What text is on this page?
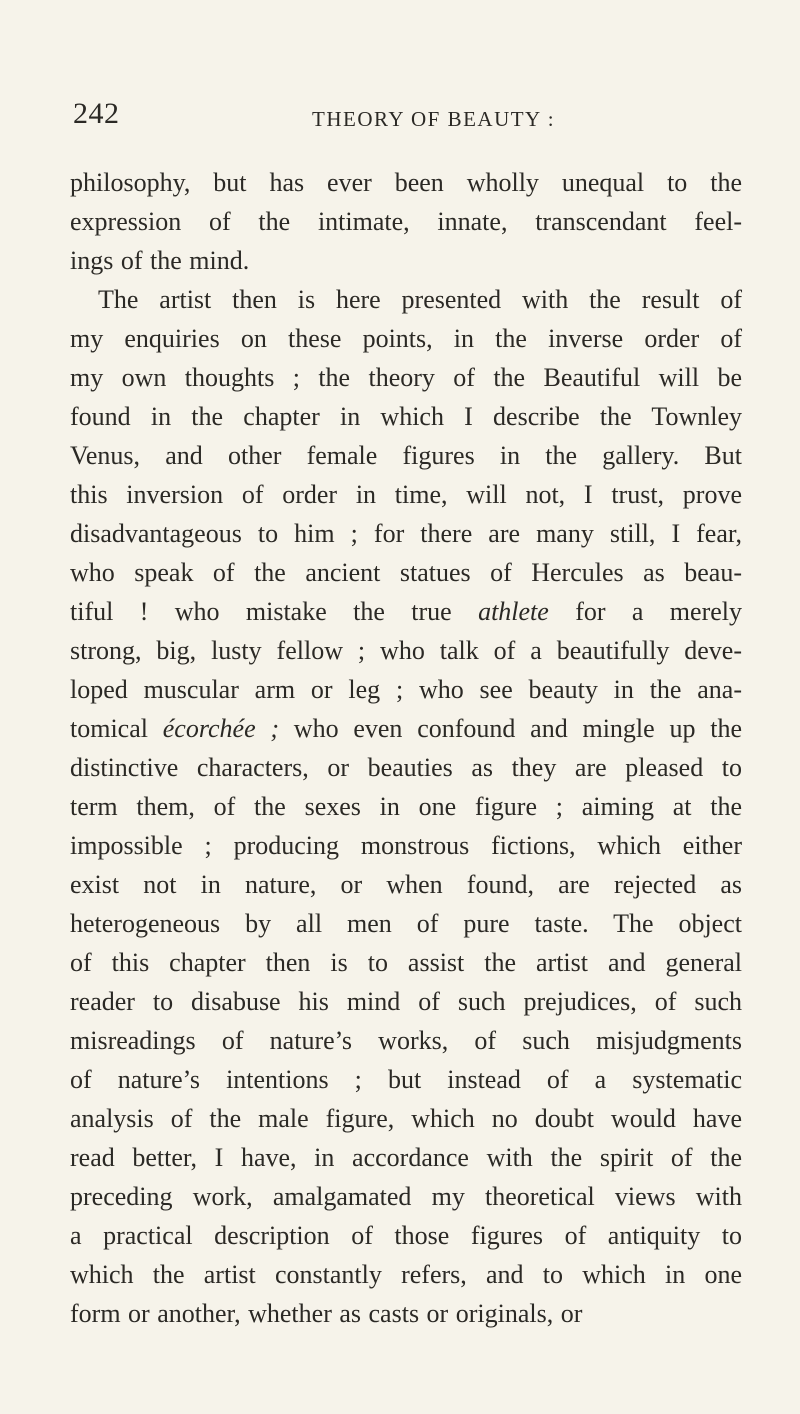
242	THEORY OF BEAUTY :
philosophy, but has ever been wholly unequal to the
expression of the intimate, innate, transcendant feel-
ings of the mind.
The artist then is here presented with the result of
my enquiries on these points, in the inverse order of
my own thoughts ; the theory of the Beautiful will be
found in the chapter in which I describe the Townley
Venus, and other female figures in the gallery. But
this inversion of order in time, will not, I trust, prove
disadvantageous to him ; for there are many still, I fear,
who speak of the ancient statues of Hercules as beau-
tiful ! who mistake the true athlete for a merely
strong, big, lusty fellow ; who talk of a beautifully deve-
loped muscular arm or leg ; who see beauty in the ana-
tomical écorchée ; who even confound and mingle up the
distinctive characters, or beauties as they are pleased to
term them, of the sexes in one figure ; aiming at the
impossible ; producing monstrous fictions, which either
exist not in nature, or when found, are rejected as
heterogeneous by all men of pure taste. The object
of this chapter then is to assist the artist and general
reader to disabuse his mind of such prejudices, of such
misreadings of nature’s works, of such misjudgments
of nature’s intentions ; but instead of a systematic
analysis of the male figure, which no doubt would have
read better, I have, in accordance with the spirit of the
preceding work, amalgamated my theoretical views with
a practical description of those figures of antiquity to
which the artist constantly refers, and to which in one
form or another, whether as casts or originals, or
